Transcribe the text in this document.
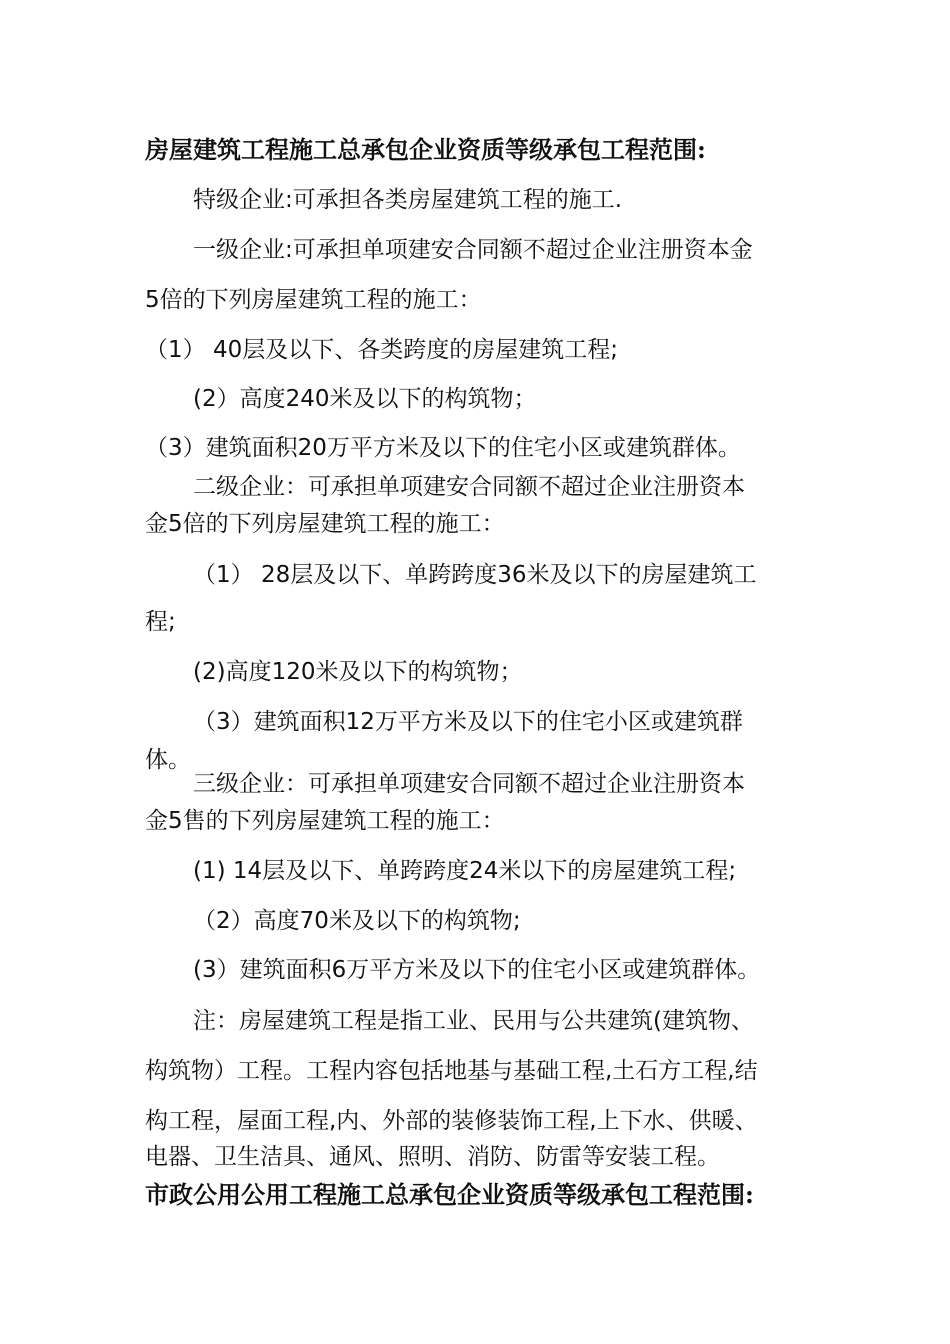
房屋建筑工程施工总承包企业资质等级承包工程范围:
特级企业:可承担各类房屋建筑工程的施工.
一级企业:可承担单项建安合同额不超过企业注册资本金
5倍的下列房屋建筑工程的施工：
（1） 40层及以下、各类跨度的房屋建筑工程;
(2）高度240米及以下的构筑物；
（3）建筑面积20万平方米及以下的住宅小区或建筑群体。
二级企业：可承担单项建安合同额不超过企业注册资本
金5倍的下列房屋建筑工程的施工：
（1） 28层及以下、单跨跨度36米及以下的房屋建筑工
程;
(2)高度120米及以下的构筑物；
（3）建筑面积12万平方米及以下的住宅小区或建筑群
体。
三级企业：可承担单项建安合同额不超过企业注册资本
金5售的下列房屋建筑工程的施工：
(1) 14层及以下、单跨跨度24米以下的房屋建筑工程;
（2）高度70米及以下的构筑物;
(3）建筑面积6万平方米及以下的住宅小区或建筑群体。
注：房屋建筑工程是指工业、民用与公共建筑(建筑物、
构筑物）工程。工程内容包括地基与基础工程,土石方工程,结
构工程，屋面工程,内、外部的装修装饰工程,上下水、供暖、
电器、卫生洁具、通风、照明、消防、防雷等安装工程。
市政公用公用工程施工总承包企业资质等级承包工程范围:
